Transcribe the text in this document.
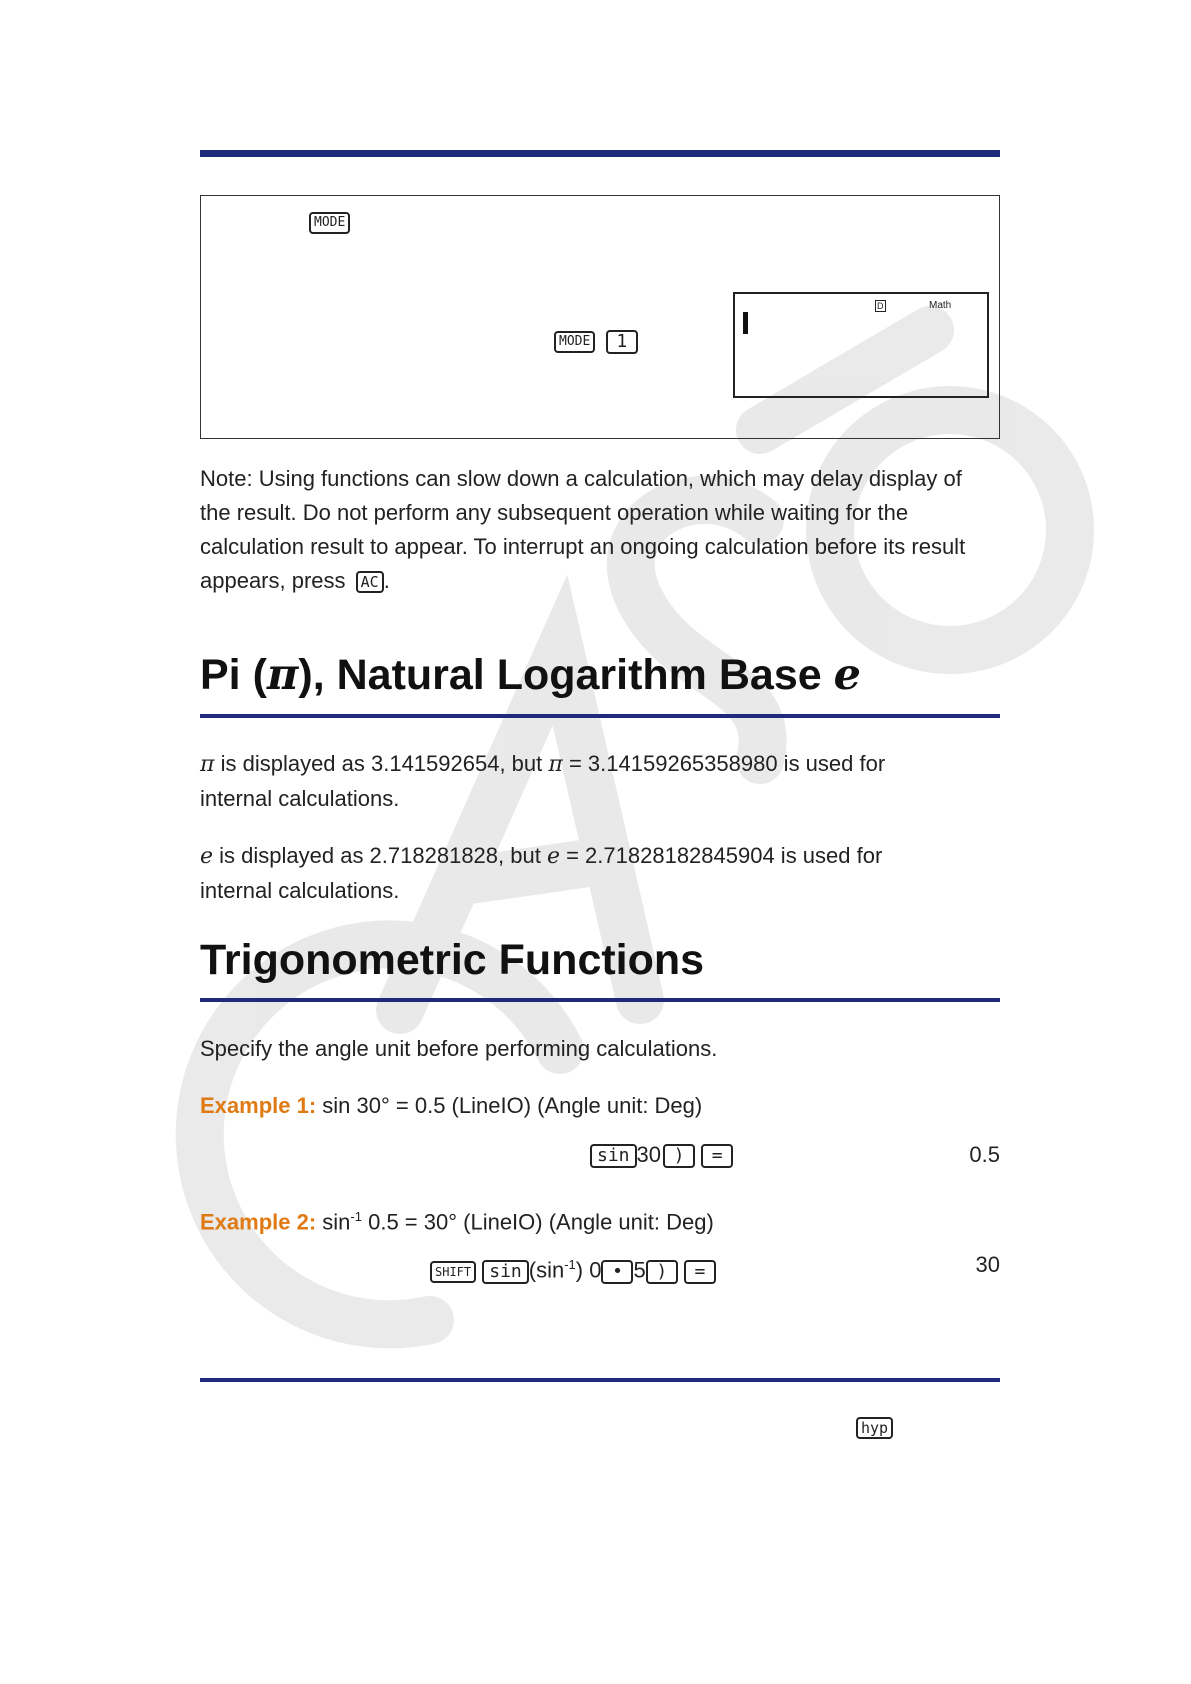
MODE
MODE 1
D	Math
Note: Using functions can slow down a calculation, which may delay display of the result. Do not perform any subsequent operation while waiting for the calculation result to appear. To interrupt an ongoing calculation before its result appears, press AC .
Pi (π), Natural Logarithm Base e
π is displayed as 3.141592654, but π = 3.14159265358980 is used for internal calculations.
e is displayed as 2.718281828, but e = 2.71828182845904 is used for internal calculations.
Trigonometric Functions
Specify the angle unit before performing calculations.
Example 1: sin 30° = 0.5 (LineIO) (Angle unit: Deg)
sin 30 ) =	0.5
Example 2: $\sin^{-1} 0.5 = 30^\circ$ (LineIO) (Angle unit: Deg)
SHIFT $\sin (\sin^{-1})$ 0 • 5 ) =	30
hyp
